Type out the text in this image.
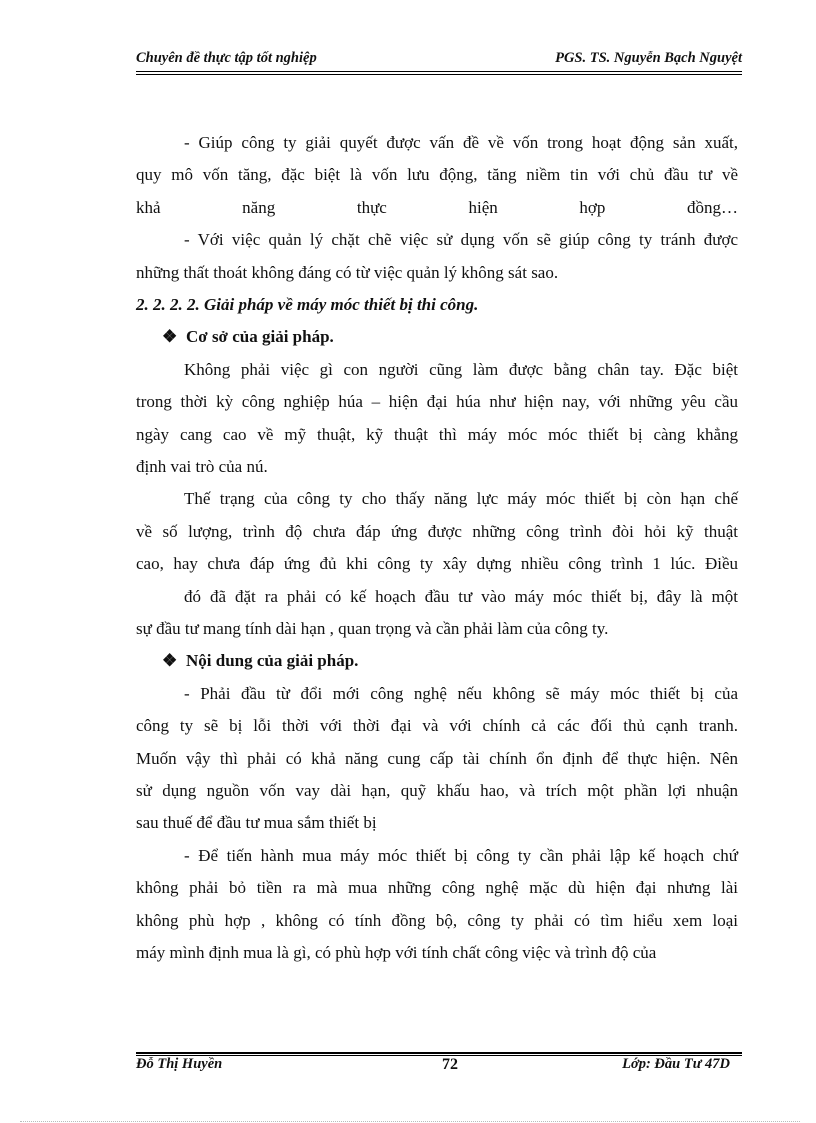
Chuyên đề thực tập tốt nghiệp	PGS. TS. Nguyễn Bạch Nguyệt
- Giúp công ty giải quyết được vấn đề về vốn trong hoạt động sản xuất,
quy mô vốn tăng, đặc biệt là vốn lưu động, tăng niềm tin với chủ đầu tư về
khả năng thực hiện hợp đồng…
- Với việc quản lý chặt chẽ việc sử dụng vốn sẽ giúp công ty tránh được
những thất thoát không đáng có từ việc quản lý không sát sao.
2. 2. 2. 2. Giải pháp về máy móc thiết bị thi công.
❖ Cơ sở của giải pháp.
Không phải việc gì con người cũng làm được bằng chân tay. Đặc biệt
trong thời kỳ công nghiệp húa – hiện đại húa như hiện nay, với những yêu cầu
ngày cang cao về mỹ thuật, kỹ thuật thì máy móc móc thiết bị càng khẳng
định vai trò của nú.
Thế trạng của công ty cho thấy năng lực máy móc thiết bị còn hạn chế
về số lượng, trình độ chưa đáp ứng được những công trình đòi hỏi kỹ thuật
cao, hay chưa đáp ứng đủ khi công ty xây dựng nhiều công trình 1 lúc. Điều
đó đã đặt ra phải có kế hoạch đầu tư vào máy móc thiết bị, đây là một
sự đầu tư mang tính dài hạn , quan trọng và cần phải làm của công ty.
❖ Nội dung của giải pháp.
- Phải đầu từ đổi mới công nghệ nếu không sẽ máy móc thiết bị của
công ty sẽ bị lỗi thời với thời đại và với chính cả các đối thủ cạnh tranh.
Muốn vậy thì phải có khả năng cung cấp tài chính ổn định để thực hiện. Nên
sử dụng nguồn vốn vay dài hạn, quỹ khấu hao, và trích một phần lợi nhuận
sau thuế để đầu tư mua sắm thiết bị
- Để tiến hành mua máy móc thiết bị công ty cần phải lập kế hoạch chứ
không phải bỏ tiền ra mà mua những công nghệ mặc dù hiện đại nhưng lài
không phù hợp , không có tính đồng bộ, công ty phải có tìm hiểu xem loại
máy mình định mua là gì, có phù hợp với tính chất công việc và trình độ của
Đỗ Thị Huyền	72	Lớp: Đầu Tư 47D
